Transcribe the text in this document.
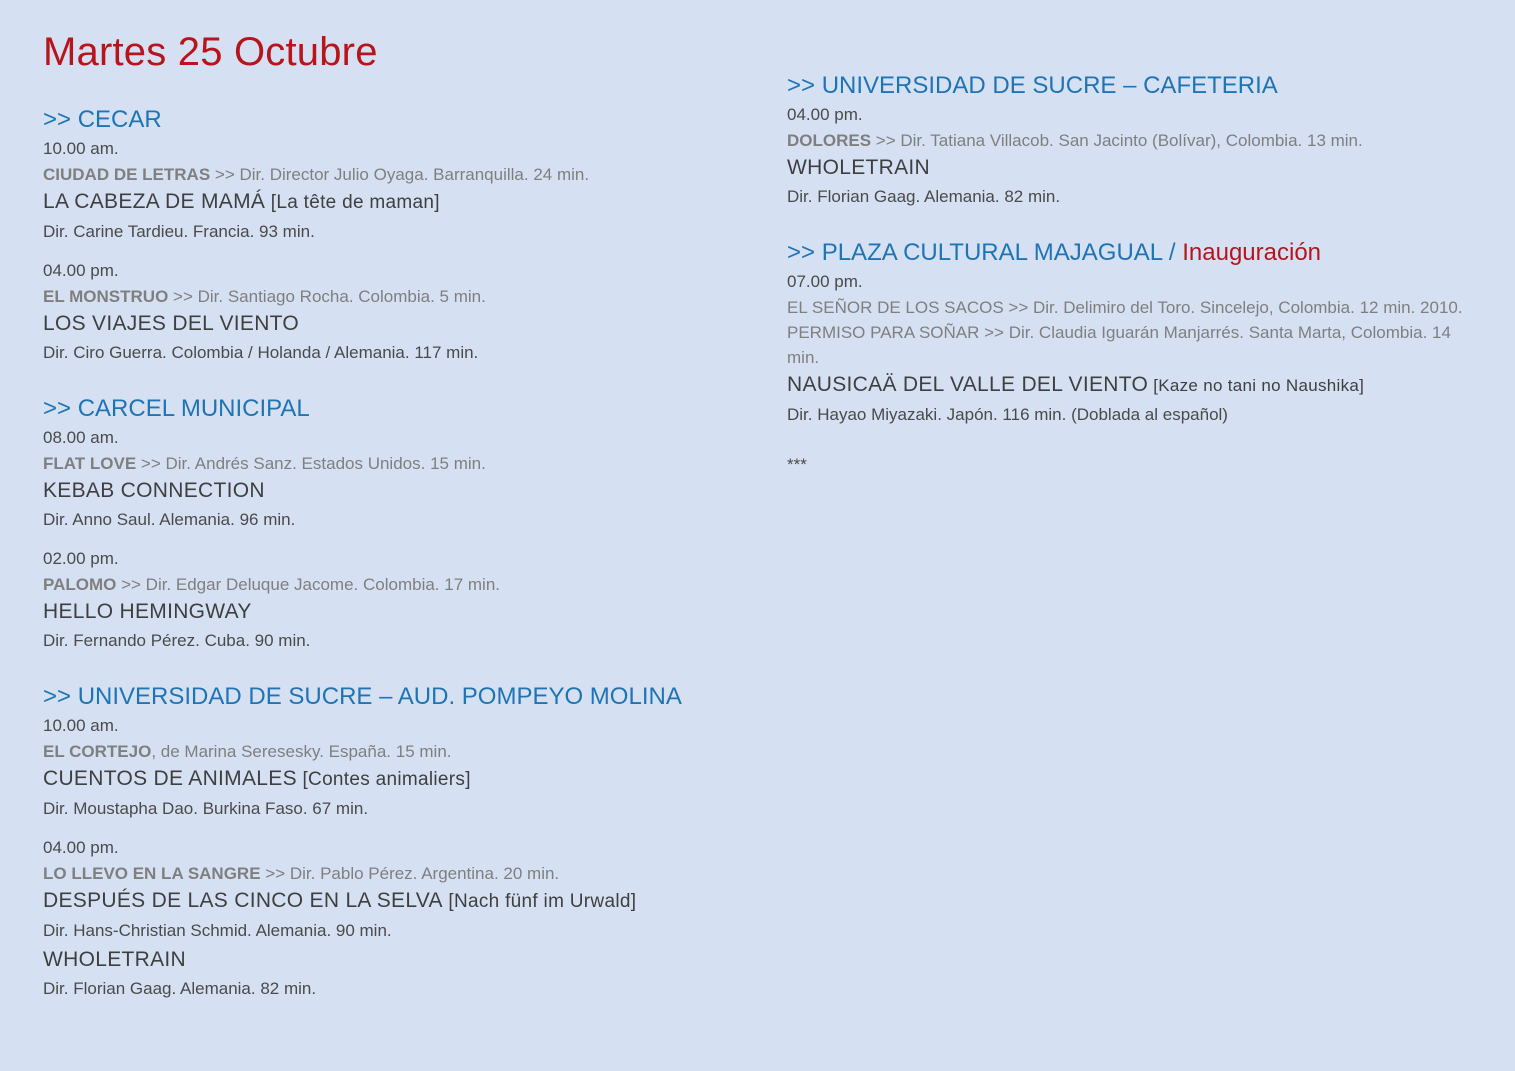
Martes 25 Octubre
>> CECAR
10.00 am.
CIUDAD DE LETRAS >> Dir. Director Julio Oyaga. Barranquilla. 24 min.
LA CABEZA DE MAMÁ [La tête de maman]
Dir. Carine Tardieu. Francia. 93 min.
04.00 pm.
EL MONSTRUO >> Dir. Santiago Rocha. Colombia. 5 min.
LOS VIAJES DEL VIENTO
Dir. Ciro Guerra. Colombia / Holanda / Alemania. 117 min.
>> CARCEL MUNICIPAL
08.00 am.
FLAT LOVE >> Dir. Andrés Sanz. Estados Unidos. 15 min.
KEBAB CONNECTION
Dir. Anno Saul. Alemania. 96 min.
02.00 pm.
PALOMO >> Dir. Edgar Deluque Jacome. Colombia. 17 min.
HELLO HEMINGWAY
Dir. Fernando Pérez. Cuba. 90 min.
>> UNIVERSIDAD DE SUCRE – AUD. POMPEYO MOLINA
10.00 am.
EL CORTEJO, de Marina Seresesky. España. 15 min.
CUENTOS DE ANIMALES [Contes animaliers]
Dir. Moustapha Dao. Burkina Faso. 67 min.
04.00 pm.
LO LLEVO EN LA SANGRE >> Dir. Pablo Pérez. Argentina. 20 min.
DESPUÉS DE LAS CINCO EN LA SELVA [Nach fünf im Urwald]
Dir. Hans-Christian Schmid. Alemania. 90 min.
WHOLETRAIN
Dir. Florian Gaag. Alemania. 82 min.
>> UNIVERSIDAD DE SUCRE – CAFETERIA
04.00 pm.
DOLORES >> Dir. Tatiana Villacob. San Jacinto (Bolívar), Colombia. 13 min.
WHOLETRAIN
Dir. Florian Gaag. Alemania. 82 min.
>> PLAZA CULTURAL MAJAGUAL / Inauguración
07.00 pm.
EL SEÑOR DE LOS SACOS >> Dir. Delimiro del Toro. Sincelejo, Colombia. 12 min. 2010.
PERMISO PARA SOÑAR >> Dir. Claudia Iguarán Manjarrés. Santa Marta, Colombia. 14 min.
NAUSICAÄ DEL VALLE DEL VIENTO [Kaze no tani no Naushika]
Dir. Hayao Miyazaki. Japón. 116 min. (Doblada al español)
***
